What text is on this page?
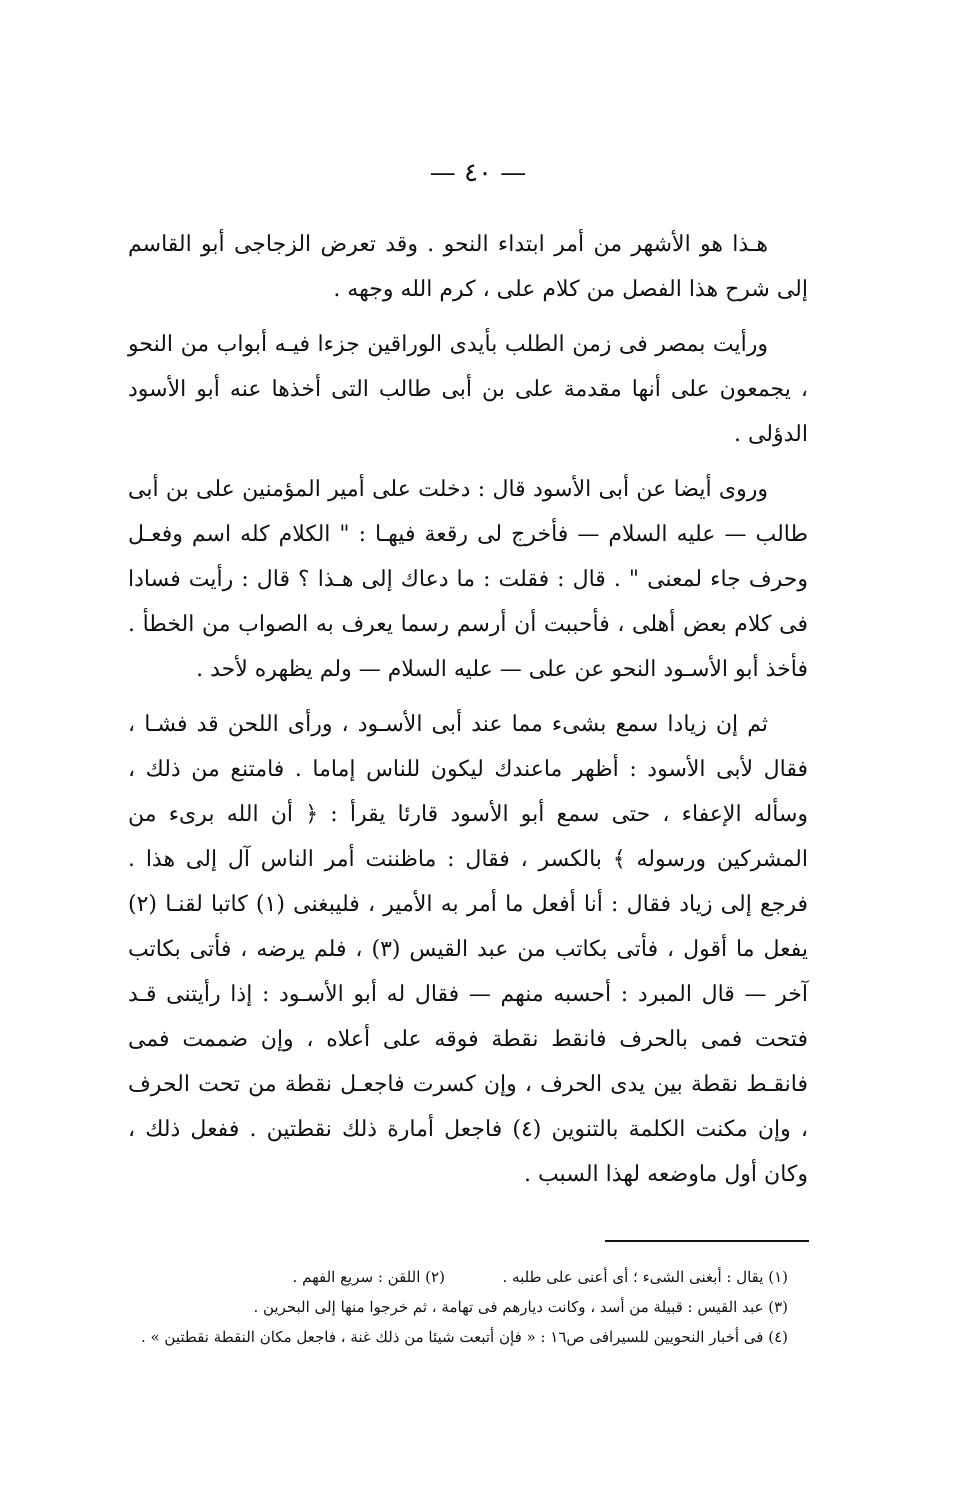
— ٤٠ —

هـذا هو الأشهر من أمر ابتداء النحو . وقد تعرض الزجاجى أبو القاسم إلى شرح هذا الفصل من كلام على ، كرم الله وجهه .

ورأيت بمصر فى زمن الطلب بأيدى الوراقين جزءا فيـه أبواب من النحو ، يجمعون على أنها مقدمة على بن أبى طالب التى أخذها عنه أبو الأسود الدؤلى .

وروى أيضا عن أبى الأسود قال : دخلت على أمير المؤمنين على بن أبى طالب — عليه السلام — فأخرج لى رقعة فيهـا : " الكلام كله اسم وفعـل وحرف جاء لمعنى " . قال : فقلت : ما دعاك إلى هـذا ؟ قال : رأيت فسادا فى كلام بعض أهلى ، فأحببت أن أرسم رسما يعرف به الصواب من الخطأ . فأخذ أبو الأسـود النحو عن على — عليه السلام — ولم يظهره لأحد .

ثم إن زيادا سمع بشىء مما عند أبى الأسـود ، ورأى اللحن قد فشـا ، فقال لأبى الأسود : أظهر ماعندك ليكون للناس إماما . فامتنع من ذلك ، وسأله الإعفاء ، حتى سمع أبو الأسود قارئا يقرأ : ﴿ أن الله برىء من المشركين ورسوله ﴾ بالكسر ، فقال : ماظننت أمر الناس آل إلى هذا . فرجع إلى زياد فقال : أنا أفعل ما أمر به الأمير ، فليبغنى (١) كاتبا لقنـا (٢) يفعل ما أقول ، فأتى بكاتب من عبد القيس (٣) ، فلم يرضه ، فأتى بكاتب آخر — قال المبرد : أحسبه منهم — فقال له أبو الأسـود : إذا رأيتنى قـد فتحت فمى بالحرف فانقط نقطة فوقه على أعلاه ، وإن ضممت فمى فانقـط نقطة بين يدى الحرف ، وإن كسرت فاجعـل نقطة من تحت الحرف ، وإن مكنت الكلمة بالتنوين (٤) فاجعل أمارة ذلك نقطتين . ففعل ذلك ، وكان أول ماوضعه لهذا السبب .

(١) يقال : أبغنى الشىء ؛ أى أعنى على طلبه .  (٢) اللقن : سريع الفهم .

(٣) عبد القيس : قبيلة من أسد ، وكانت ديارهم فى تهامة ، ثم خرجوا منها إلى البحرين .

(٤) فى أخبار النحويين للسيرافى ص١٦ : « فإن أتبعت شيئا من ذلك غنة ، فاجعل مكان النقطة نقطتين » .
